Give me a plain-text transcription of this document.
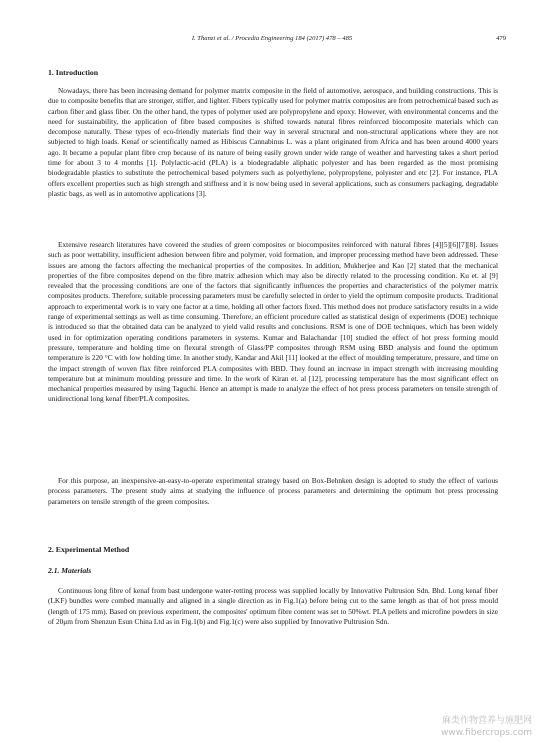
I. Thanzi et al. / Procedia Engineering 184 (2017) 478 – 485	479
1. Introduction

Nowadays, there has been increasing demand for polymer matrix composite in the field of automotive, aerospace, and building constructions. This is due to composite benefits that are stronger, stiffer, and lighter. Fibers typically used for polymer matrix composites are from petrochemical based such as carbon fiber and glass fiber. On the other hand, the types of polymer used are polypropylene and epoxy. However, with environmental concerns and the need for sustainability, the application of fibre based composites is shifted towards natural fibres reinforced biocomposite materials which can decompose naturally. These types of eco-friendly materials find their way in several structural and non-structural applications where they are not subjected to high loads. Kenaf or scientifically named as Hibiscus Cannabinus L. was a plant originated from Africa and has been around 4000 years ago. It became a popular plant fibre crop because of its nature of being easily grown under wide range of weather and harvesting takes a short period time for about 3 to 4 months [1]. Polylactic-acid (PLA) is a biodegradable aliphatic polyester and has been regarded as the most promising biodegradable plastics to substitute the petrochemical based polymers such as polyethylene, polypropylene, polyester and etc [2]. For instance, PLA offers excellent properties such as high strength and stiffness and it is now being used in several applications, such as consumers packaging, degradable plastic bags, as well as in automotive applications [3].

Extensive research literatures have covered the studies of green composites or biocomposites reinforced with natural fibres [4][5][6][7][8]. Issues such as poor wettability, insufficient adhesion between fibre and polymer, void formation, and improper processing method have been addressed. These issues are among the factors affecting the mechanical properties of the composites. In addition, Mukherjee and Kao [2] stated that the mechanical properties of the fibre composites depend on the fibre matrix adhesion which may also be directly related to the processing condition. Ku et. al [9] revealed that the processing conditions are one of the factors that significantly influences the properties and characteristics of the polymer matrix composites products. Therefore, suitable processing parameters must be carefully selected in order to yield the optimum composite products. Traditional approach to experimental work is to vary one factor at a time, holding all other factors fixed. This method does not produce satisfactory results in a wide range of experimental settings as well as time consuming. Therefore, an efficient procedure called as statistical design of experiments (DOE) technique is introduced so that the obtained data can be analyzed to yield valid results and conclusions. RSM is one of DOE techniques, which has been widely used in for optimization operating conditions parameters in systems. Kumar and Balachandar [10] studied the effect of hot press forming mould pressure, temperature and holding time on flexural strength of Glass/PP composites through RSM using BBD analysis and found the optimum temperature is 220 °C with low holding time. In another study, Kandar and Akil [11] looked at the effect of moulding temperature, pressure, and time on the impact strength of woven flax fibre reinforced PLA composites with BBD. They found an increase in impact strength with increasing moulding temperature but at minimum moulding pressure and time. In the work of Kiran et. al [12], processing temperature has the most significant effect on mechanical properties measured by using Taguchi. Hence an attempt is made to analyze the effect of hot press process parameters on tensile strength of unidirectional long kenaf fiber/PLA composites.

For this purpose, an inexpensive-an-easy-to-operate experimental strategy based on Box-Behnken design is adopted to study the effect of various process parameters. The present study aims at studying the influence of process parameters and determining the optimum hot press processing parameters on tensile strength of the green composites.

2. Experimental Method
2.1. Materials

Continuous long fibre of kenaf from bast undergone water-retting process was supplied locally by Innovative Pultrusion Sdn. Bhd. Long kenaf fiber (LKF) bundles were combed manually and aligned in a single direction as in Fig.1(a) before being cut to the same length as that of hot press mould (length of 175 mm). Based on previous experiment, the composites' optimum fibre content was set to 50%wt. PLA pellets and microfine powders in size of 20μm from Shenzun Esun China Ltd as in Fig.1(b) and Fig.1(c) were also supplied by Innovative Pultrusion Sdn.

麻类作物营养与施肥网
www.fibercrops.com
